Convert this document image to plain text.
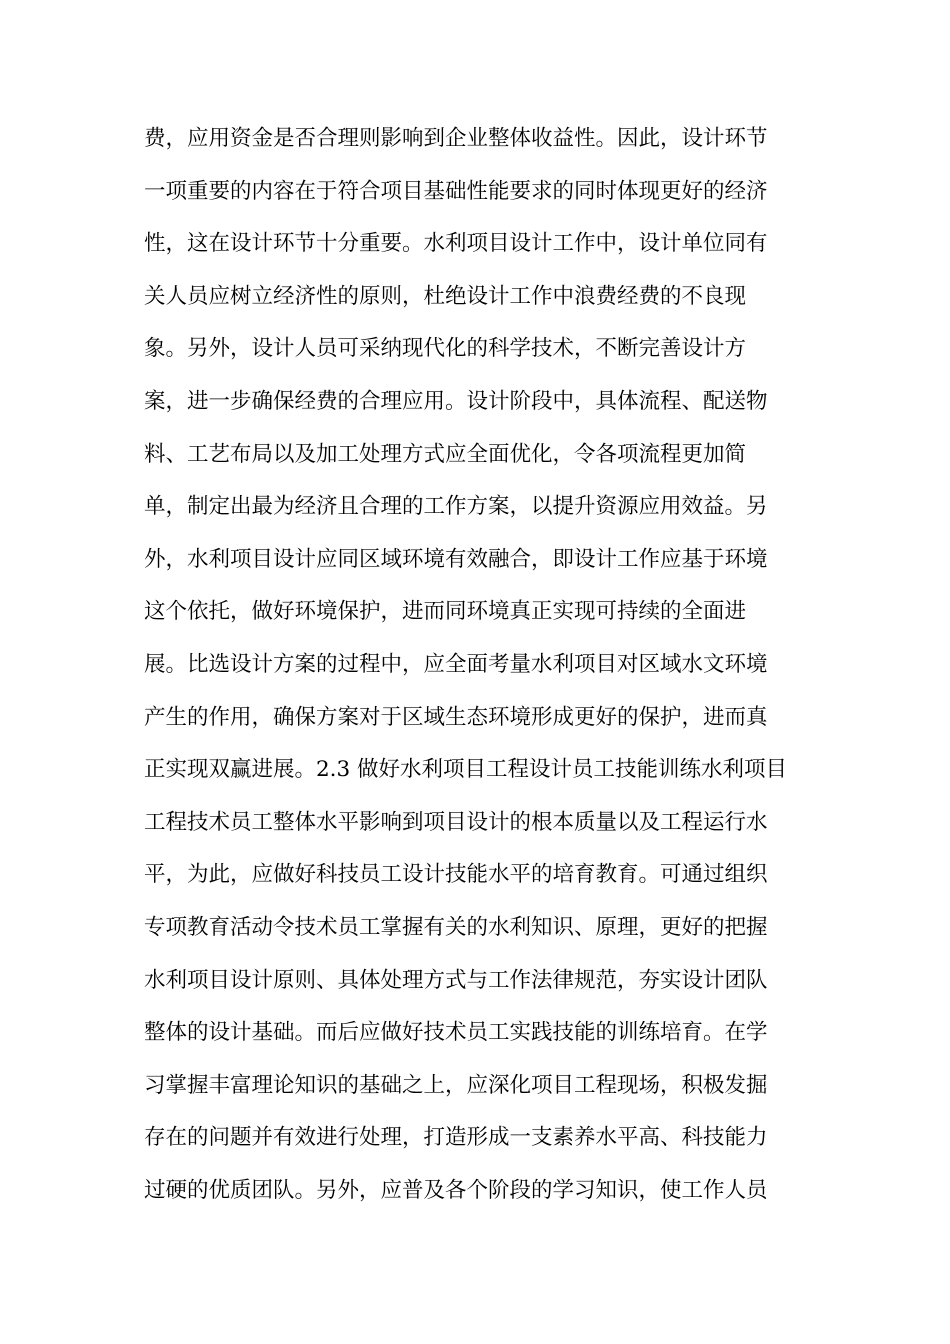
费，应用资金是否合理则影响到企业整体收益性。因此，设计环节
一项重要的内容在于符合项目基础性能要求的同时体现更好的经济
性，这在设计环节十分重要。水利项目设计工作中，设计单位同有
关人员应树立经济性的原则，杜绝设计工作中浪费经费的不良现
象。另外，设计人员可采纳现代化的科学技术，不断完善设计方
案，进一步确保经费的合理应用。设计阶段中，具体流程、配送物
料、工艺布局以及加工处理方式应全面优化，令各项流程更加简
单，制定出最为经济且合理的工作方案，以提升资源应用效益。另
外，水利项目设计应同区域环境有效融合，即设计工作应基于环境
这个依托，做好环境保护，进而同环境真正实现可持续的全面进
展。比选设计方案的过程中，应全面考量水利项目对区域水文环境
产生的作用，确保方案对于区域生态环境形成更好的保护，进而真
正实现双赢进展。2.3 做好水利项目工程设计员工技能训练水利项目
工程技术员工整体水平影响到项目设计的根本质量以及工程运行水
平，为此，应做好科技员工设计技能水平的培育教育。可通过组织
专项教育活动令技术员工掌握有关的水利知识、原理，更好的把握
水利项目设计原则、具体处理方式与工作法律规范，夯实设计团队
整体的设计基础。而后应做好技术员工实践技能的训练培育。在学
习掌握丰富理论知识的基础之上，应深化项目工程现场，积极发掘
存在的问题并有效进行处理，打造形成一支素养水平高、科技能力
过硬的优质团队。另外，应普及各个阶段的学习知识，使工作人员
